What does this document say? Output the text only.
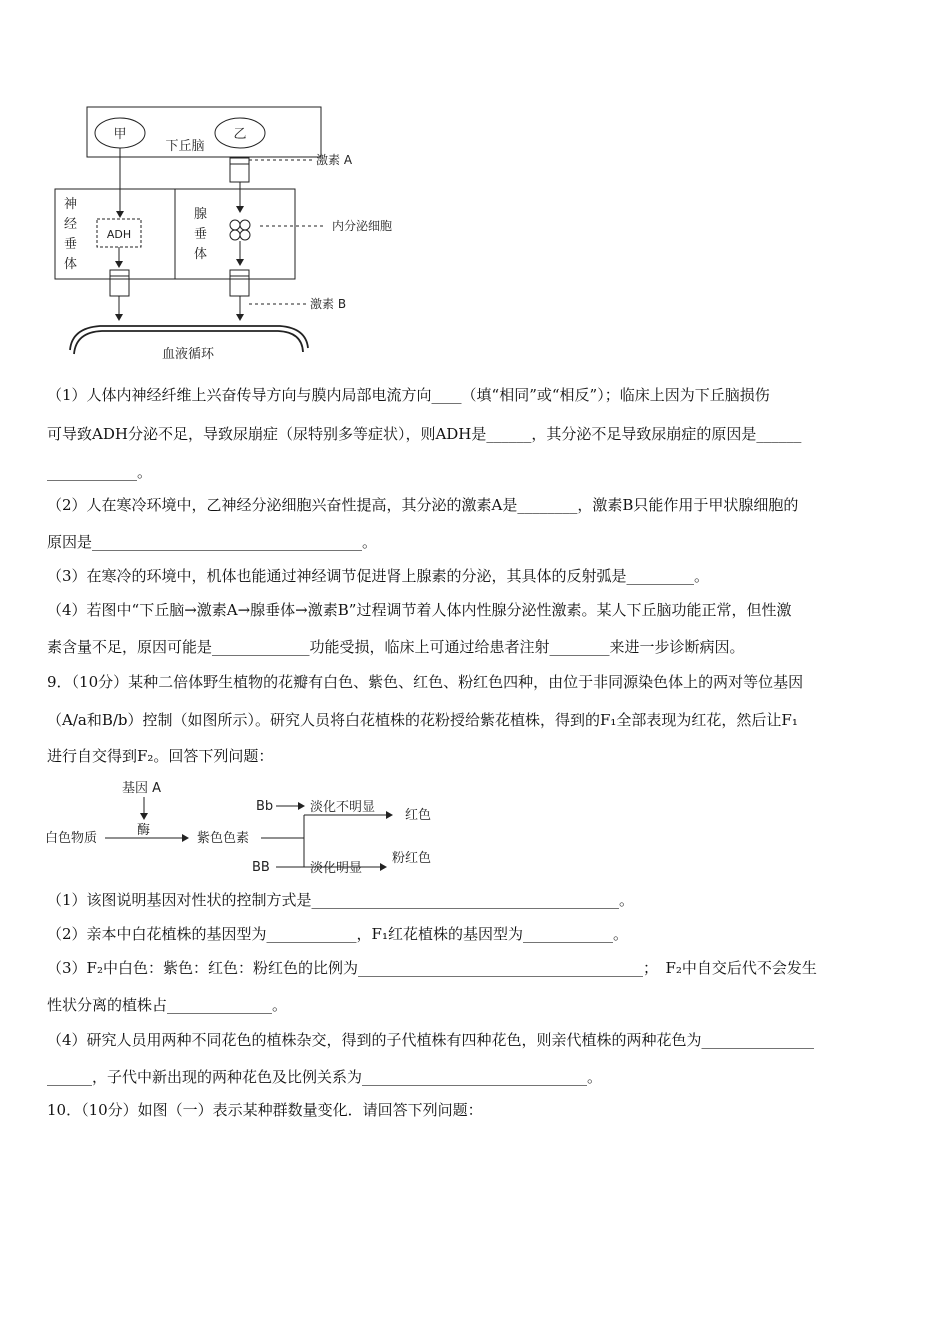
甲	乙
下丘脑
激素 A
神
经
垂
体
腺
垂
体
ADH
内分泌细胞
激素 B
血液循环
（1）人体内神经纤维上兴奋传导方向与膜内局部电流方向____（填“相同”或“相反”）；临床上因为下丘脑损伤
可导致ADH分泌不足，导致尿崩症（尿特别多等症状），则ADH是______，其分泌不足导致尿崩症的原因是______
____________。
（2）人在寒冷环境中，乙神经分泌细胞兴奋性提高，其分泌的激素A是________，激素B只能作用于甲状腺细胞的
原因是____________________________________。
（3）在寒冷的环境中，机体也能通过神经调节促进肾上腺素的分泌，其具体的反射弧是_________。
（4）若图中“下丘脑→激素A→腺垂体→激素B”过程调节着人体内性腺分泌性激素。某人下丘脑功能正常，但性激
素含量不足，原因可能是_____________功能受损，临床上可通过给患者注射________来进一步诊断病因。
9．（10分）某种二倍体野生植物的花瓣有白色、紫色、红色、粉红色四种，由位于非同源染色体上的两对等位基因
（A/a和B/b）控制（如图所示）。研究人员将白花植株的花粉授给紫花植株，得到的F₁全部表现为红花，然后让F₁
进行自交得到F₂。回答下列问题：
基因 A
酶
白色物质	紫色色素
Bb	淡化不明显
红色
BB	淡化明显
粉红色
（1）该图说明基因对性状的控制方式是_________________________________________。
（2）亲本中白花植株的基因型为____________，F₁红花植株的基因型为____________。
（3）F₂中白色：紫色：红色：粉红色的比例为______________________________________；　F₂中自交后代不会发生
性状分离的植株占______________。
（4）研究人员用两种不同花色的植株杂交，得到的子代植株有四种花色，则亲代植株的两种花色为_______________
______，子代中新出现的两种花色及比例关系为______________________________。
10．（10分）如图（一）表示某种群数量变化．请回答下列问题：
